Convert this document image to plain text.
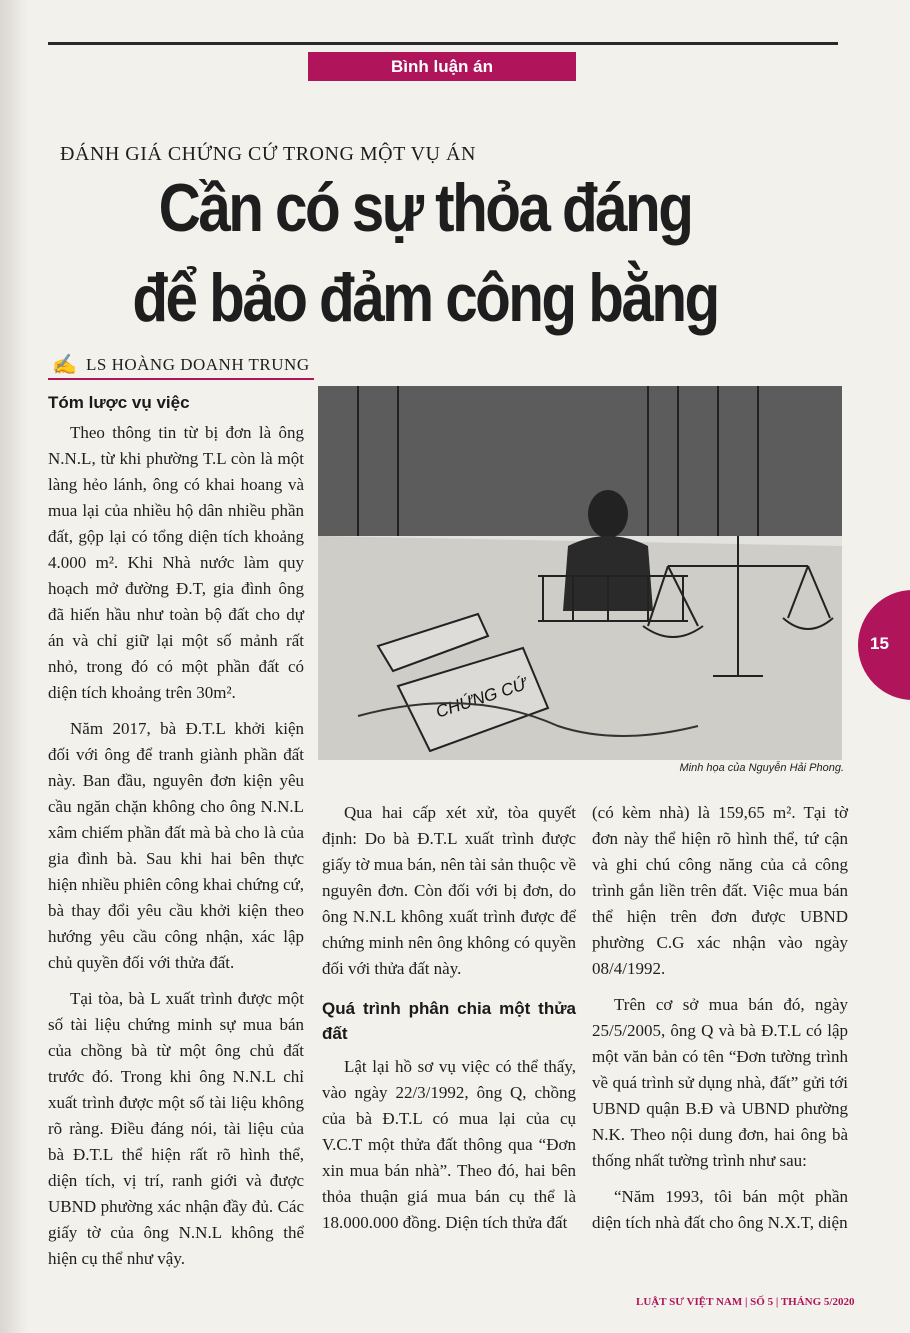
Bình luận án
ĐÁNH GIÁ CHỨNG CỨ TRONG MỘT VỤ ÁN
Cần có sự thỏa đáng
để bảo đảm công bằng
✍ LS HOÀNG DOANH TRUNG
Tóm lược vụ việc

Theo thông tin từ bị đơn là ông N.N.L, từ khi phường T.L còn là một làng hẻo lánh, ông có khai hoang và mua lại của nhiều hộ dân nhiều phần đất, gộp lại có tổng diện tích khoảng 4.000 m². Khi Nhà nước làm quy hoạch mở đường Đ.T, gia đình ông đã hiến hầu như toàn bộ đất cho dự án và chỉ giữ lại một số mảnh rất nhỏ, trong đó có một phần đất có diện tích khoảng trên 30m².

Năm 2017, bà Đ.T.L khởi kiện đối với ông để tranh giành phần đất này. Ban đầu, nguyên đơn kiện yêu cầu ngăn chặn không cho ông N.N.L xâm chiếm phần đất mà bà cho là của gia đình bà. Sau khi hai bên thực hiện nhiều phiên công khai chứng cứ, bà thay đổi yêu cầu khởi kiện theo hướng yêu cầu công nhận, xác lập chủ quyền đối với thửa đất.

Tại tòa, bà L xuất trình được một số tài liệu chứng minh sự mua bán của chồng bà từ một ông chủ đất trước đó. Trong khi ông N.N.L chỉ xuất trình được một số tài liệu không rõ ràng. Điều đáng nói, tài liệu của bà Đ.T.L thể hiện rất rõ hình thể, diện tích, vị trí, ranh giới và được UBND phường xác nhận đầy đủ. Các giấy tờ của ông N.N.L không thể hiện cụ thể như vậy.

CHỨNG CỨ
Minh họa của Nguyễn Hải Phong.

Qua hai cấp xét xử, tòa quyết định: Do bà Đ.T.L xuất trình được giấy tờ mua bán, nên tài sản thuộc về nguyên đơn. Còn đối với bị đơn, do ông N.N.L không xuất trình được để chứng minh nên ông không có quyền đối với thửa đất này.

Quá trình phân chia một thửa đất

Lật lại hồ sơ vụ việc có thể thấy, vào ngày 22/3/1992, ông Q, chồng của bà Đ.T.L có mua lại của cụ V.C.T một thửa đất thông qua “Đơn xin mua bán nhà”. Theo đó, hai bên thỏa thuận giá mua bán cụ thể là 18.000.000 đồng. Diện tích thửa đất

(có kèm nhà) là 159,65 m². Tại tờ đơn này thể hiện rõ hình thể, tứ cận và ghi chú công năng của cả công trình gắn liền trên đất. Việc mua bán thể hiện trên đơn được UBND phường C.G xác nhận vào ngày 08/4/1992.

Trên cơ sở mua bán đó, ngày 25/5/2005, ông Q và bà Đ.T.L có lập một văn bản có tên “Đơn tường trình về quá trình sử dụng nhà, đất” gửi tới UBND quận B.Đ và UBND phường N.K. Theo nội dung đơn, hai ông bà thống nhất tường trình như sau:

“Năm 1993, tôi bán một phần diện tích nhà đất cho ông N.X.T, diện

15
LUẬT SƯ VIỆT NAM | SỐ 5 | THÁNG 5/2020
